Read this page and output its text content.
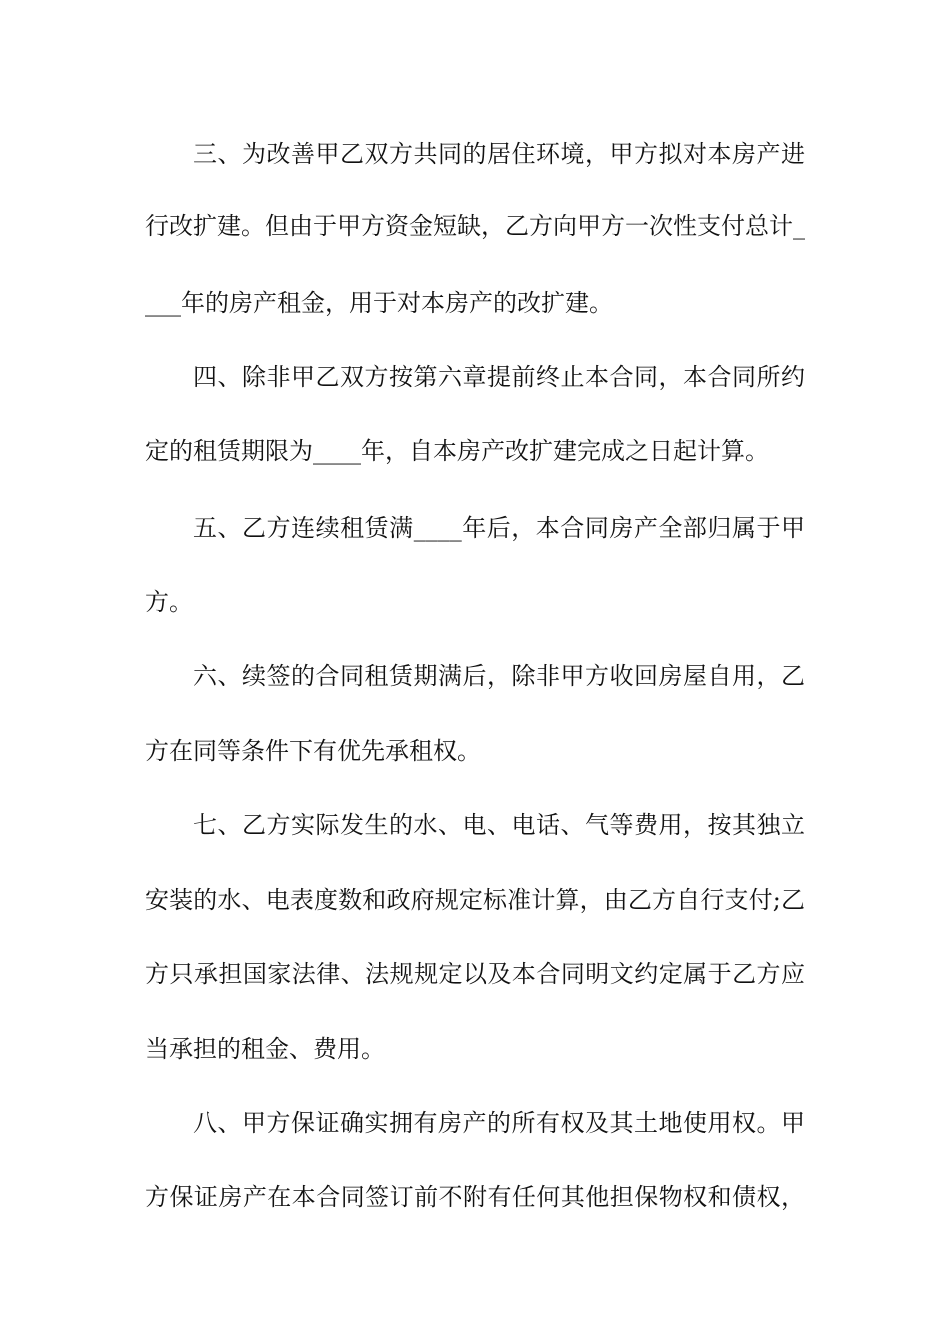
三、为改善甲乙双方共同的居住环境，甲方拟对本房产进
行改扩建。但由于甲方资金短缺，乙方向甲方一次性支付总计_
___年的房产租金，用于对本房产的改扩建。
四、除非甲乙双方按第六章提前终止本合同，本合同所约
定的租赁期限为____年，自本房产改扩建完成之日起计算。
五、乙方连续租赁满____年后，本合同房产全部归属于甲
方。
六、续签的合同租赁期满后，除非甲方收回房屋自用，乙
方在同等条件下有优先承租权。
七、乙方实际发生的水、电、电话、气等费用，按其独立
安装的水、电表度数和政府规定标准计算，由乙方自行支付;乙
方只承担国家法律、法规规定以及本合同明文约定属于乙方应
当承担的租金、费用。
八、甲方保证确实拥有房产的所有权及其土地使用权。甲
方保证房产在本合同签订前不附有任何其他担保物权和债权，
